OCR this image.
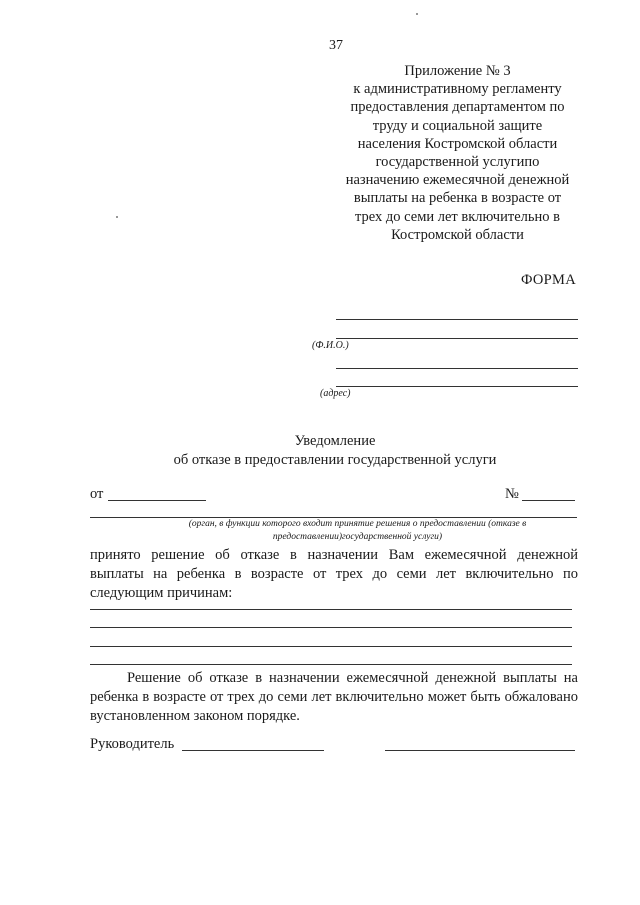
37
Приложение № 3
к административному регламенту
предоставления департаментом по
труду и социальной защите
населения Костромской области
государственной услугипо
назначению ежемесячной денежной
выплаты на ребенка в возрасте от
трех до семи лет включительно в
Костромской области
ФОРМА
(Ф.И.О.)
(адрес)
Уведомление
об отказе в предоставлении государственной услуги
от	№
(орган, в функции которого входит принятие решения о предоставлении (отказе в предоставлении)государственной услуги)
принято решение об отказе в назначении Вам ежемесячной денежной выплаты на ребенка в возрасте от трех до семи лет включительно по следующим причинам:
Решение об отказе в назначении ежемесячной денежной выплаты на ребенка в возрасте от трех до семи лет включительно может быть обжаловано вустановленном законом порядке.
Руководитель
